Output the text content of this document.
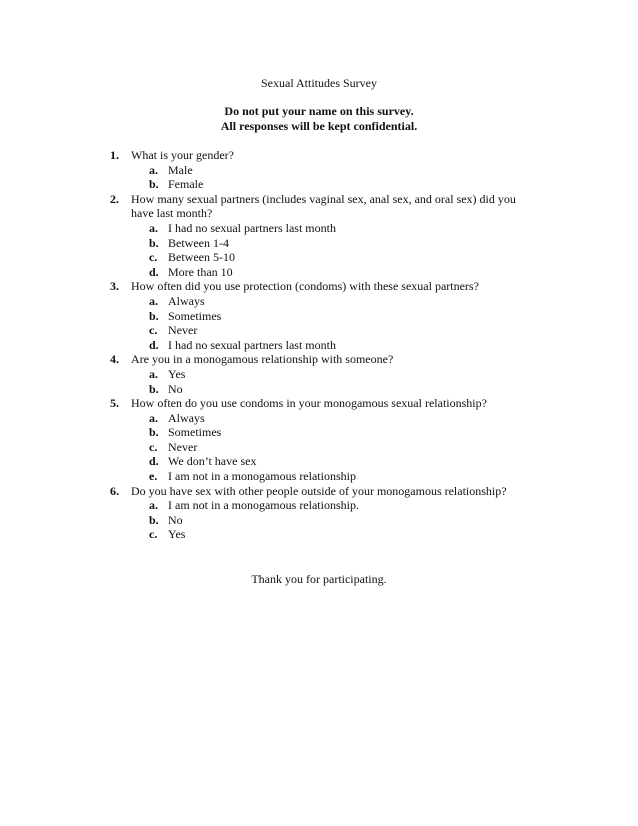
Sexual Attitudes Survey
Do not put your name on this survey.
All responses will be kept confidential.
1. What is your gender?
a. Male
b. Female
2. How many sexual partners (includes vaginal sex, anal sex, and oral sex) did you have last month?
a. I had no sexual partners last month
b. Between 1-4
c. Between 5-10
d. More than 10
3. How often did you use protection (condoms) with these sexual partners?
a. Always
b. Sometimes
c. Never
d. I had no sexual partners last month
4. Are you in a monogamous relationship with someone?
a. Yes
b. No
5. How often do you use condoms in your monogamous sexual relationship?
a. Always
b. Sometimes
c. Never
d. We don’t have sex
e. I am not in a monogamous relationship
6. Do you have sex with other people outside of your monogamous relationship?
a. I am not in a monogamous relationship.
b. No
c. Yes
Thank you for participating.
